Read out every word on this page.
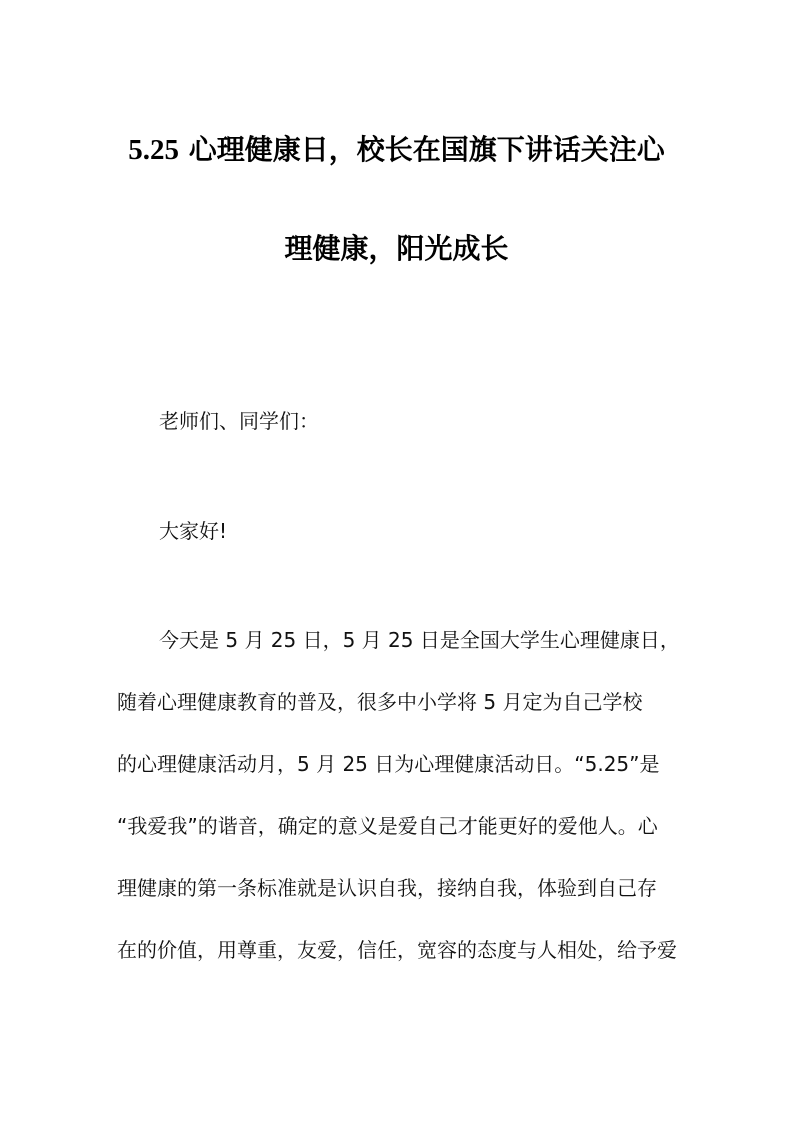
5.25 心理健康日，校长在国旗下讲话关注心
理健康，阳光成长
老师们、同学们：
大家好!
今天是 5 月 25 日，5 月 25 日是全国大学生心理健康日，
随着心理健康教育的普及，很多中小学将 5 月定为自己学校
的心理健康活动月，5 月 25 日为心理健康活动日。“5.25”是
“我爱我”的谐音，确定的意义是爱自己才能更好的爱他人。心
理健康的第一条标准就是认识自我，接纳自我，体验到自己存
在的价值，用尊重，友爱，信任，宽容的态度与人相处，给予爱
